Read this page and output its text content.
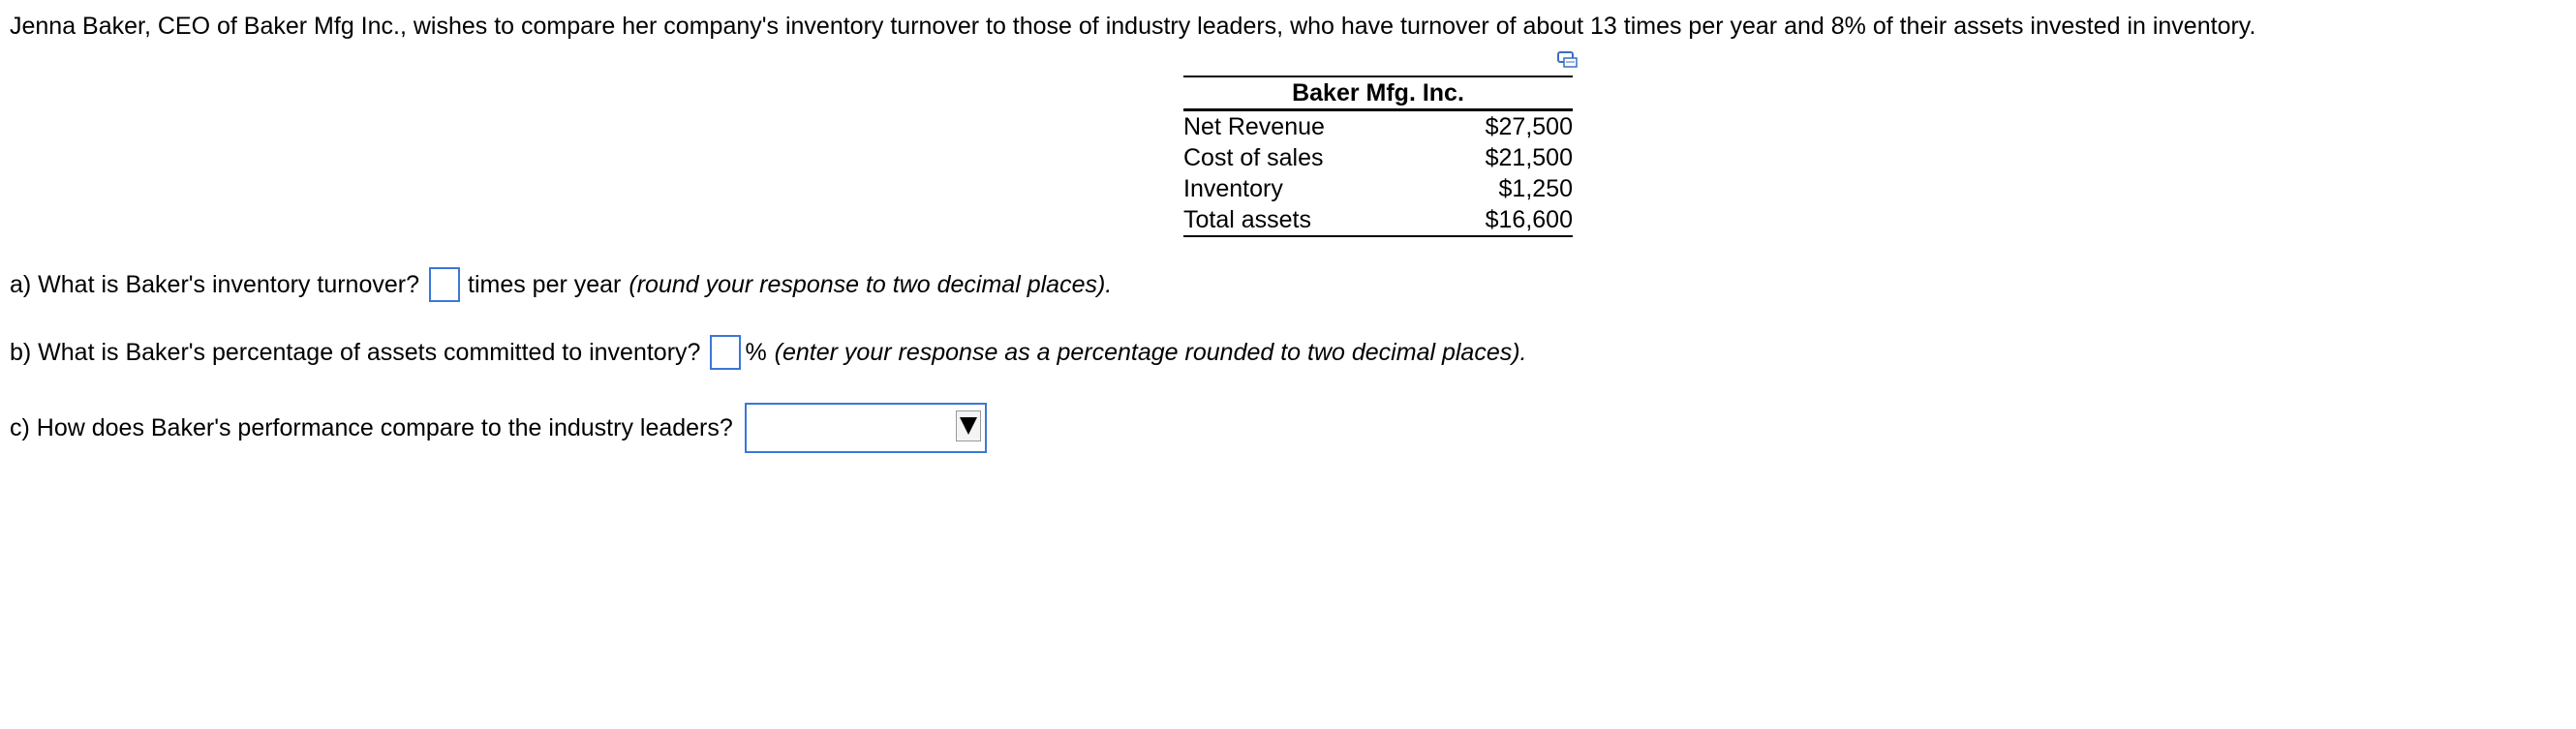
Jenna Baker, CEO of Baker Mfg Inc., wishes to compare her company's inventory turnover to those of industry leaders, who have turnover of about 13 times per year and 8% of their assets invested in inventory.
Baker Mfg. Inc.
Net Revenue	$27,500
Cost of sales	$21,500
Inventory	$1,250
Total assets	$16,600
a) What is Baker's inventory turnover? times per year (round your response to two decimal places).
b) What is Baker's percentage of assets committed to inventory? % (enter your response as a percentage rounded to two decimal places).
c) How does Baker's performance compare to the industry leaders?
